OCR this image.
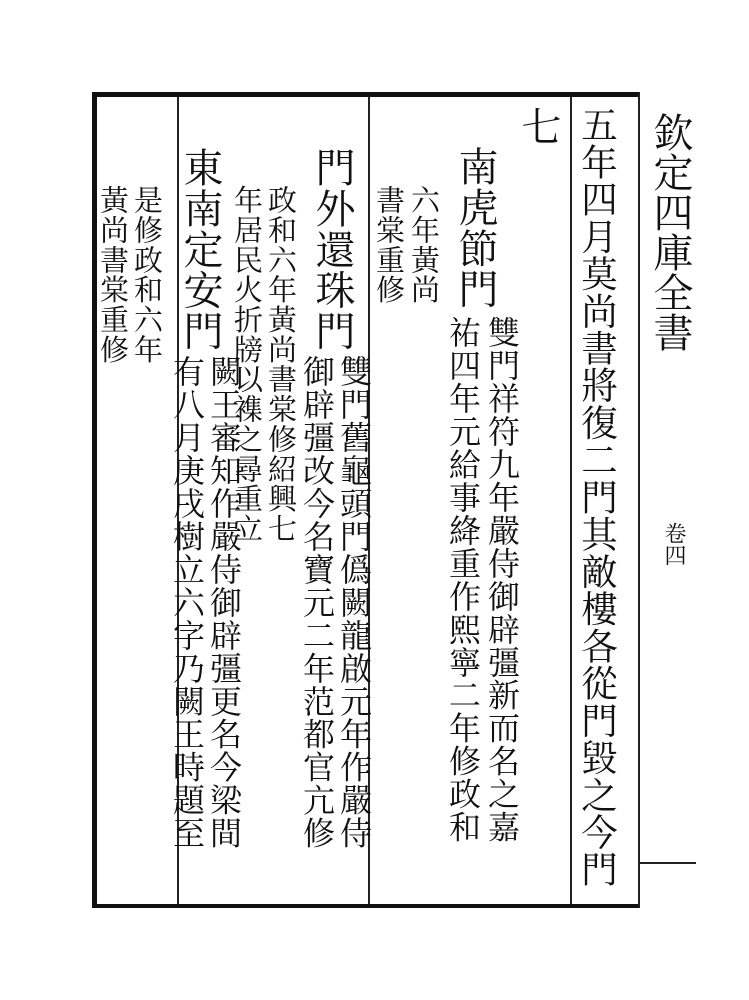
七 五年四月莫尚書將復二門其敵樓各從門毀之今門
南虎節門
雙門祥符九年嚴侍御辟彊新而名之嘉
祐四年元給事絳重作熙寧二年修政和
六年黃尚
書棠重修
門外還珠門
雙門舊龜頭門僞闕龍啟元年作嚴侍
御辟彊改今名寶元二年范都官亢修
政和六年黃尚書棠修紹興七
年居民火折牓以襍之尋重立
東南定安門
闕王審知作嚴侍御辟彊更名今梁間
有八月庚戌樹立六字乃闕王時題至
是修政和六年
黃尚書棠重修	欽定四庫全書
卷四
